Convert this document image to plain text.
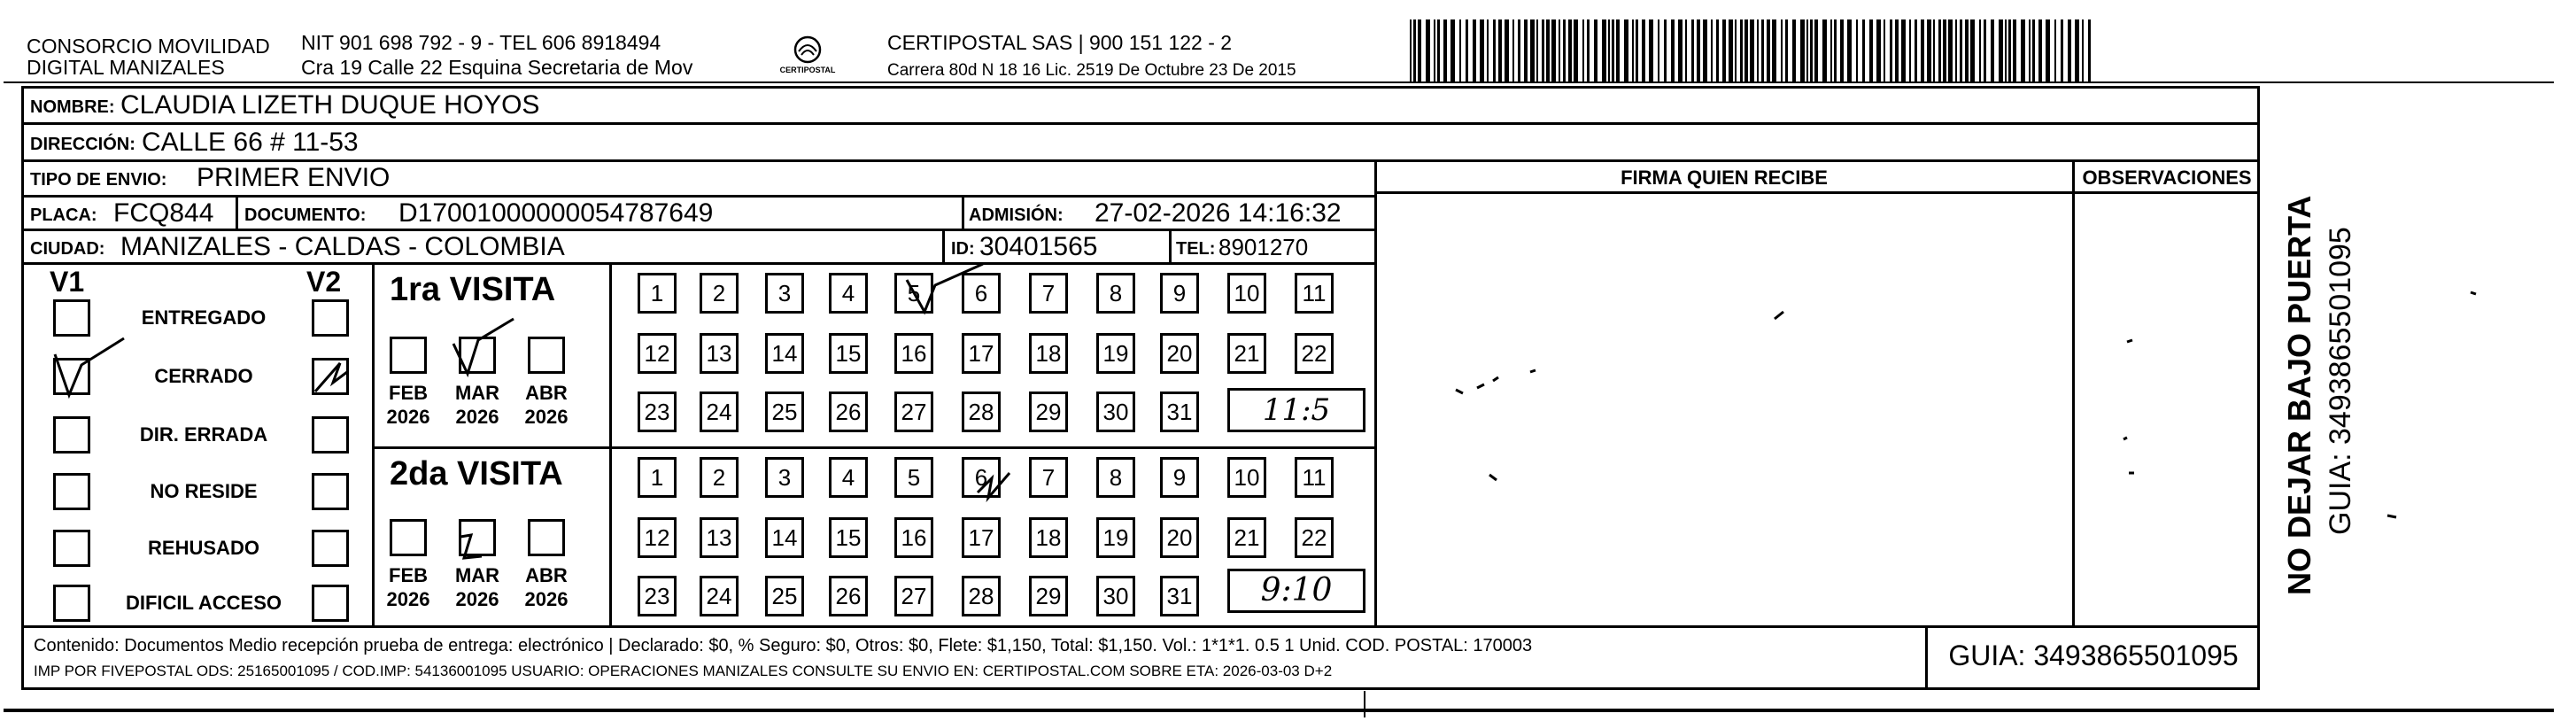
CONSORCIO MOVILIDAD
DIGITAL MANIZALES
NIT 901 698 792 - 9 - TEL 606 8918494
Cra 19 Calle 22 Esquina Secretaria de Mov	CERTIPOSTAL
CERTIPOSTAL SAS | 900 151 122 - 2
Carrera 80d N 18 16 Lic. 2519 De Octubre 23 De 2015
NOMBRE: CLAUDIA LIZETH DUQUE HOYOS
DIRECCIÓN: CALLE 66 # 11-53
TIPO DE ENVIO: PRIMER ENVIO
PLACA: FCQ844 DOCUMENTO: D17001000000054787649	ADMISIÓN: 27-02-2026 14:16:32
CIUDAD: MANIZALES - CALDAS - COLOMBIA	ID: 30401565	TEL: 8901270
FIRMA QUIEN RECIBE	OBSERVACIONES
V1	V2
ENTREGADO
CERRADO
DIR. ERRADA
NO RESIDE
REHUSADO
DIFICIL ACCESO
1ra VISITA
2da VISITA
FEB
2026
MAR
2026
ABR
2026
FEB
2026
MAR
2026
ABR
2026
1	2	3	4	5	6	7	8	9	10	11
12 13 14 15 16 17 18 19 20 21 22
23 24 25 26 27 28 29 30 31
1	2	3	4	5	6	7	8	9	10	11
12 13 14 15 16 17 18 19 20 21 22
23 24 25 26 27 28 29 30 31
11:5
9:10
Contenido: Documentos Medio recepción prueba de entrega: electrónico | Declarado: $0, % Seguro: $0, Otros: $0, Flete: $1,150, Total: $1,150. Vol.: 1*1*1. 0.5 1 Unid. COD. POSTAL: 170003
IMP POR FIVEPOSTAL ODS: 25165001095 / COD.IMP: 54136001095 USUARIO: OPERACIONES MANIZALES CONSULTE SU ENVIO EN: CERTIPOSTAL.COM SOBRE ETA: 2026-03-03 D+2	GUIA: 3493865501095
NO DEJAR BAJO PUERTA GUIA: 3493865501095
